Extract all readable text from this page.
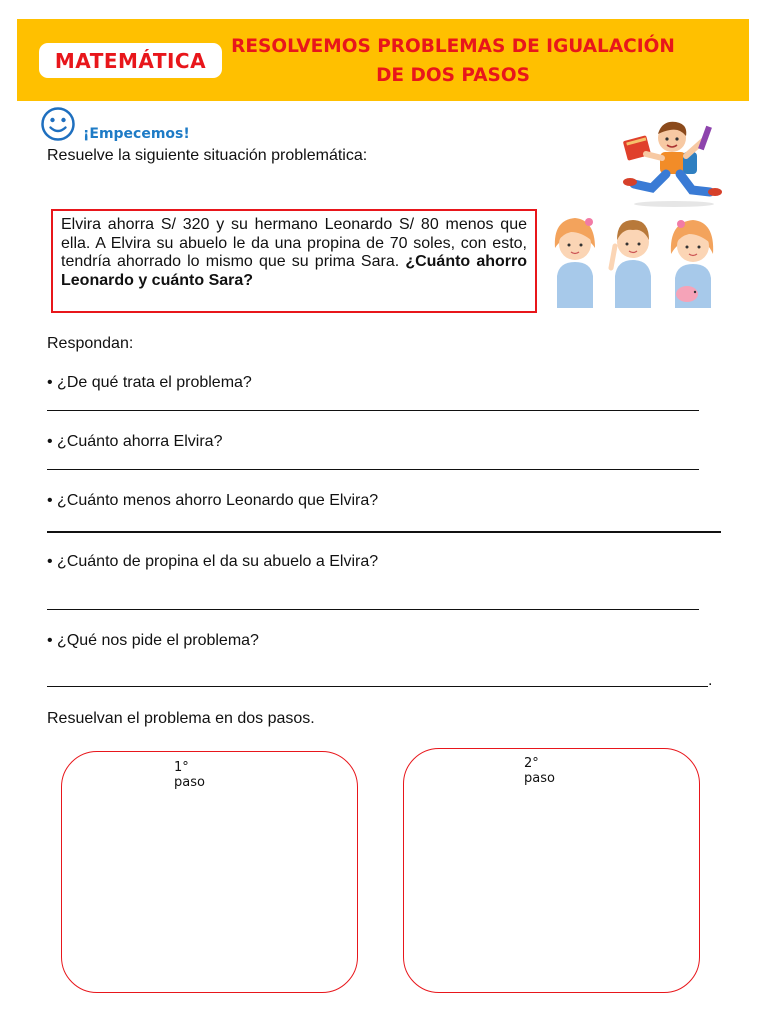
MATEMÁTICA
RESOLVEMOS PROBLEMAS DE IGUALACIÓN DE DOS PASOS
¡Empecemos!
Resuelve la siguiente situación problemática:
Elvira ahorra S/ 320 y su hermano Leonardo S/ 80 menos que ella. A Elvira su abuelo le da una propina de 70 soles, con esto, tendría ahorrado lo mismo que su prima Sara. ¿Cuánto ahorro Leonardo y cuánto Sara?
Respondan:
• ¿De qué trata el problema?
• ¿Cuánto ahorra Elvira?
• ¿Cuánto menos ahorro Leonardo que Elvira?
• ¿Cuánto de propina el da su abuelo a Elvira?
• ¿Qué nos pide el problema?
.
Resuelvan el problema en dos pasos.
1° paso
2° paso
